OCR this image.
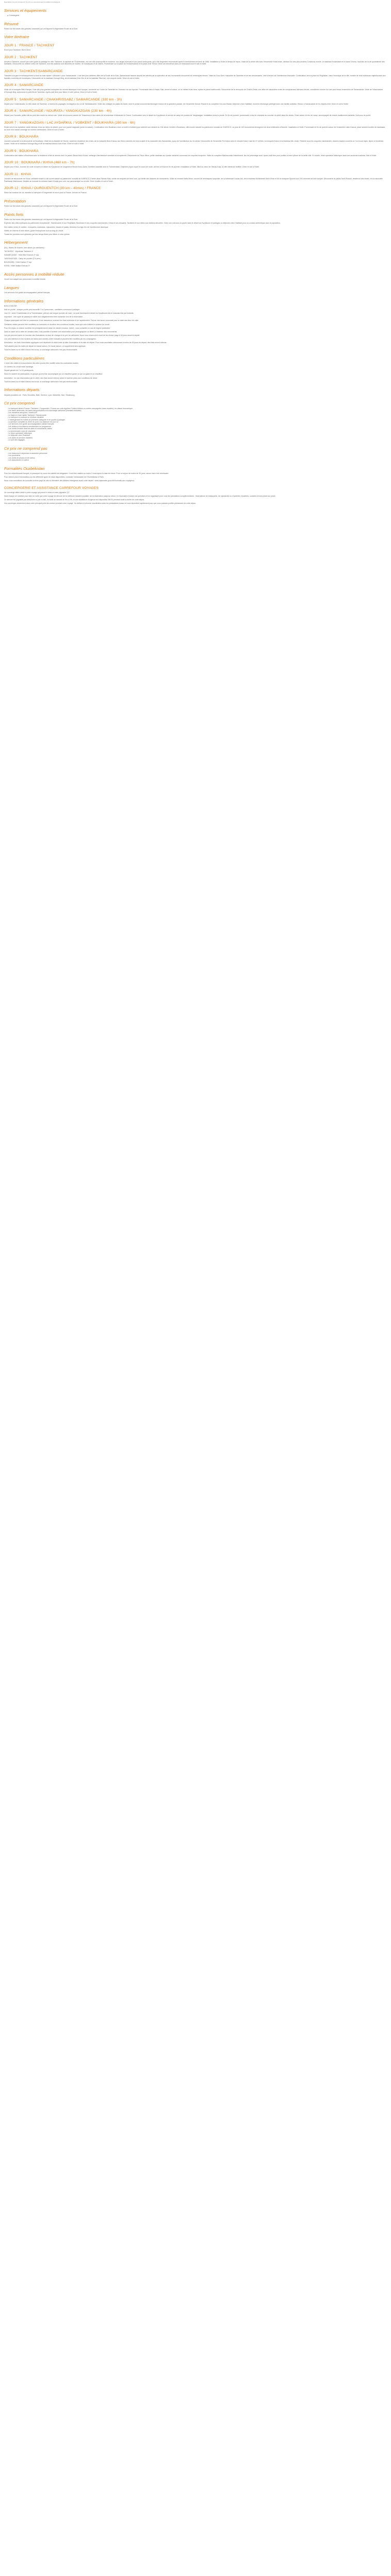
Description Ce prix comprend | Ce prix ne comprend pas Formalités Conciergerie
Services et équipements
Conciergerie
Résumé

Partez sur les traces des grandes caravanes qui ont façonné la légendaire Route de la Soie.

Votre itinéraire
JOUR 1 : FRANCE / TACHKENT

Envol pour Tachkent. Nuit à bord.

JOUR 2 : TACHKENT

Arrivée à Tachkent, accueil par votre guide et passage en ville. Tachkent, la capitale de l'Ouzbékistan, est une ville cosmopolite et moderne, aux larges avenues et aux parcs verdoyants, qui a été largement reconstruite après le tremblement de terre de 1966. Installation à l'hôtel et temps de repos. Visite de la vieille ville avec l'ensemble Khast Imam, abritant l'un des plus anciens Corans au monde, la madrasa Koukeldach et le bazar Chorsu, haut lieu de la vie quotidienne des habitants. Découverte du célèbre métro de Tachkent, dont les stations sont décorées de marbre, de mosaïques et de lustres. Promenade sur la place de l'Indépendance et la place Amir Timour. Dîner de bienvenue dans un restaurant local et nuit à l'hôtel.

JOUR 3 : TACHKENT/SAMARCANDE

Transfert à la gare et embarquement à bord du train rapide « Afrosiab » pour Samarcande. L'une des plus célèbres villes de la Route de la Soie, Samarcande fascine depuis des siècles par la splendeur de ses monuments recouverts de céramiques bleues. Visite du Gour Emir, mausolée de Tamerlan et de ses descendants, chef-d'œuvre de l'architecture timouride. Continuation vers la place du Reghistan, cœur historique de la ville, bordée de trois madrasas majestueuses aux façades couvertes de mosaïques. Découverte de la madrasa Oulough Beg, de la madrasa Cher-Dor et de la madrasa Tilla-Kari, à la coupole dorée. Dîner et nuit à l'hôtel.

JOUR 4 : SAMARCANDE

Visite de la mosquée Bibi-Khanym, l'une des plus grandes mosquées du monde islamique à son époque, construite sur l'ordre de Tamerlan en l'honneur de son épouse. Promenade dans le bazar Siab, animé et coloré, où se mêlent fruits secs, épices et pains traditionnels. Découverte de la nécropole de Chakhi-Zinda, une allée de mausolées ornés de somptueuses faïences bleues, considérée comme l'un des plus beaux ensembles de Samarcande. Visite de l'observatoire d'Oulough Beg, astronome et petit-fils de Tamerlan. Après-midi libre pour flâner à votre rythme. Dîner et nuit à l'hôtel.

JOUR 5 : SAMARCANDE / CHAKHRISSABZ / SAMARCANDE (180 km - 3h)

Départ pour Chakhrissabz, la ville natale de Tamerlan, à travers les paysages montagneux du col de Takhtakaracha. Visite des vestiges du palais Ak-Saraï, dont le portail monumental témoigne encore de la grandeur passée, de l'ensemble Dorout-Tilavat et du complexe Dor-ous-Siadat. Déjeuner chez l'habitant, moment d'échange privilégié avec une famille ouzbèke. Retour à Samarcande en fin d'après-midi. Dîner et nuit à l'hôtel.

JOUR 6 : SAMARCANDE / NOURATA / YANGIKAZGAN (230 km - 4h)

Départ pour Nourata, petite ville au pied des monts du même nom. Visite de la source sacrée de Tchachma et des ruines de la forteresse d'Alexandre le Grand. Continuation vers le désert du Kyzylkoum et arrivée au camp de yourtes de Yangikazgan. Installation sous la yourte. En fin de journée, promenade à dos de chameau au coucher du soleil dans les dunes. Dîner autour du feu de camp, accompagné de chants traditionnels kazakhs. Nuit sous la yourte.

JOUR 7 : YANGIKAZGAN / LAC AYDARKUL / VOBKENT / BOUKHARA (280 km - 6h)

Route vers le lac Aydarkul, vaste étendue d'eau au milieu du désert, pour une pause baignade (selon la saison). Continuation vers Boukhara, avec un arrêt à Vobkent pour admirer son minaret du XIIe siècle. Arrivée à Boukhara, ville-musée classée au patrimoine mondial de l'UNESCO, où plus de 140 monuments témoignent de deux millénaires d'histoire. Installation à l'hôtel. Promenade en fin de journée autour de l'ensemble Liabi-Khaouz, place animée bordée de madrasas, au bord d'un bassin ombragé de mûriers centenaires. Dîner et nuit à l'hôtel.

JOUR 8 : BOUKHARA

Journée consacrée à la découverte de Boukhara. Visite de la citadelle de l'Arche, ancienne résidence des émirs, de la mosquée Bolo-Khaouz aux fines colonnes de bois sculpté et du mausolée des Samanides, joyau de l'architecture du Xe siècle. Découverte de l'ensemble Poï-Kalon avec le minaret Kalon, haut de 47 mètres, la mosquée Kalon et la madrasa Mir-i-Arab. Flânerie sous les coupoles marchandes, anciens bazars couverts où l'on trouve tapis, bijoux et broderies suzani. Visite de la madrasa Oulough Beg et de la madrasa Abdoul Aziz Khan. Dîner et nuit à l'hôtel.

JOUR 9 : BOUKHARA

Continuation des visites à Boukhara avec la résidence d'été du dernier émir, le palais Sitorai Mohi-Khosa, mélange d'architecture orientale et européenne. Découverte du Tchor-Minor, petite madrasa aux quatre minarets couronnés de coupoles turquoise. Visite du complexe Bakhaouddin Nakchbandi, lieu de pèlerinage soufi. Après-midi libre pour profiter à votre rythme de la vieille ville. En soirée, dîner-spectacle folklorique dans une ancienne madrasa. Nuit à l'hôtel.

JOUR 10 : BOUKHARA / KHIVA (460 km - 7h)

Départ pour Khiva. Journée de route à travers le désert du Kyzylkoum en longeant le fleuve Amou-Daria, frontière naturelle avec le Turkménistan. Déjeuner pique-nique en cours de route. Arrivée à Khiva en fin de journée. Installation à l'hôtel, situé au cœur de l'Itchan-Kala, la ville intérieure fortifiée. Dîner et nuit à l'hôtel.

JOUR 11 : KHIVA

Journée de découverte de Khiva, véritable musée à ciel ouvert classé au patrimoine mondial de l'UNESCO. Entrée dans l'Itchan-Kala, ceinte de remparts de terre crue, qui abrite des dizaines de monuments. Visite du minaret Kalta-Minor, couvert de céramiques turquoise, de la forteresse Kounia-Ark, de la madrasa Mohammed Amin Khan et de la mosquée Djouma aux 218 colonnes de bois sculpté. Découverte du palais Tach-Khaouli, résidence des khans, et du mausolée Pakhlavan Makhmoud. Montée au sommet du minaret Islam Khodja pour une vue panoramique sur la ville. Dîner d'adieu et nuit à l'hôtel.

JOUR 12 : KHIVA / OURGUENTCH (30 km - 40min) / FRANCE

Selon les horaires de vol, transfert à l'aéroport d'Ourguentch et envol pour la France. Arrivée en France.

Présentation

Partez sur les traces des grandes caravanes qui ont façonné la légendaire Route de la Soie.

Points forts

Partez sur les traces des grandes caravanes qui ont façonné la légendaire Route de la Soie.

Explorez des cités mythiques au patrimoine exceptionnel : Samarcande et son Reghistan, Boukhara et ses coupoles marchandes, Khiva et ses remparts, Tachkent et son métro aux stations décorées. Vivez une nuit sous la yourte dans le désert du Kyzylkoum et partagez un déjeuner chez l'habitant pour un contact authentique avec la population.

Des visites riches et variées : mosquées, madrasas, mausolées, bazars et palais, témoins d'un âge d'or de l'architecture islamique.

Hôtels de charme et bien situés, guide francophone tout au long du circuit.

Toutes les journées sont rythmées par des temps libres pour flâner à votre rythme.

Hébergement

(NL), Hôtels de charme, bien situés (ou similaires) :

TACHKENT : Wyndham Tachkent 4*

SAMARCANDE : Hôtel Bibi Khanum 3* sup

YANGIKAZGAN : Camp de yourtes (2-4 pers.)

BOUKHARA : Hôtel Kavsar 3* sup

KHIVA : Hôtel Malika Kheivak 3*

Accès personnes à mobilité réduite

Circuit non adapté aux personnes à mobilité réduite.

Langues

Les services d'un guide accompagnateur parlant français.

Informations générales

BON À SAVOIR

Nuit en yourte : chaque yourte peut accueillir 2 à 4 personnes ; sanitaires communs à partager.

Jour 10 : entre l'Ouzbékistan et la Turkménistan, prévoir une longue journée de route ; la route traversant le désert du Kyzylkoum est en mauvais état par endroits.

Important : une copie de passeport valide doit obligatoirement être transmise lors de la réservation.

Chaque participant doit être en possession d'une assurance couvrant les frais médicaux et de rapatriement. Prévoir une tenue couvrante pour la visite des lieux de culte.

Certaines visites peuvent être modifiées ou inversées en fonction des conditions locales, sans que cela n'altère le contenu du circuit.

Pour les repas, la cuisine ouzbèke est principalement à base de viande (mouton, bœuf) ; nous consulter en cas de régime particulier.

Dans la cadre de la visite de certains sites, il est possible d'acheter une autorisation pour photographier ou filmer à l'intérieur des monuments.

Les prix peuvent varier en fonction des fluctuations du taux de change et du prix du carburant. Nous nous réservons le droit de les réviser jusqu'à 30 jours avant le départ.

Les vols intérieurs et les horaires de trains sont donnés à titre indicatif et peuvent être modifiés par les compagnies.

Annulation : les frais d'annulation appliqués vont dépendre du délai entre la date d'annulation et la date de départ. Pour toute annulation intervenant à moins de 30 jours du départ, des frais seront retenus.

Tarif valable pour les dates de départ en basse saison. En haute saison, un supplément sera appliqué.

Tous les taxes sur le billet d'avion est inclus, la surcharge carburant n'est pas remboursable.

Conditions particulières

L'ordre des visites et la succession des sites pourra être modifié selon les contraintes locales.

Le contenu du circuit reste inchangé.

Départ garanti de 2 à 16 participants.

Selon le nombre de participants, le groupe pourra être accompagné par un chauffeur-guide ou par un guide et un chauffeur.

Annulation : en cas d'annulation par le client, des frais seront retenus selon le barème prévu aux conditions de vente.

Tous les taxes sur le billet d'avion est inclus, la surcharge carburant n'est pas remboursable.

Informations départs

Départs possibles de : Paris, Bruxelles, Bâle, Genève, Lyon, Marseille, Nice, Strasbourg.

Ce prix comprend
- Le transport aérien France / Tachkent / Ourguentch / France sur vols réguliers Turkish Airlines ou autres compagnies (avec escales), en classe économique
- Les taxes aériennes, les taxes aéroportuaires et la surcharge carburant (montant révisable)
- Les transferts aéroports / hôtels A/R
- Le trajet en train rapide Tachkent / Samarcande
- Le transport en autocar ou minibus climatisé
- L'hébergement en hôtels de première catégorie et en yourte à partager
- La pension complète du dîner du jour 2 au déjeuner du jour 12
- Les services d'un guide accompagnateur parlant français
- Les visites et excursions mentionnées au programme
- Les droits d'entrée dans les sites et monuments visités
- La promenade à dos de chameau
- Le dîner-spectacle folklorique
- Le déjeuner chez l'habitant
- Les taxes et services hôteliers
- Le port des bagages
Ce prix ne comprend pas
- Les boissons et dépenses à caractère personnel
- Les pourboires
- Les droits de photos et de vidéos
- Les assurances en option
Formalités Ouzbékistan

Pour les ressortissants français, le passeport en cours de validité est obligatoire. Il doit être valable au moins 3 mois après la date de retour. Pour un séjour de moins de 30 jours, aucun visa n'est nécessaire.

Pour obtenir plus d'informations sur les différents types de visas disponibles, contacter l'ambassade de l'Ouzbékistan à Paris.

Nous vous conseillons de consulter la fiche pays du site du Ministère des Affaires étrangères avant votre départ : www.diplomatie.gouv.fr/fr/conseils-aux-voyageurs

CONCIERGERIE ET ASSISTANCE CARREFOUR VOYAGES

Un concierge attitré dédié à votre voyage qui prend le relais et reste joignable 7j/7.

Notre équipe se mobilise pour faire en sorte que votre voyage se déroule de la meilleure manière possible, de la réservation jusqu'au retour, en répondant à toutes vos questions et en organisant pour vous les prestations complémentaires : réservations de restaurants, de spectacles ou d'activités, transferts, conseils et bons plans sur place.

Ce service est joignable par téléphone ou par e-mail, du lundi au samedi de 9h à 19h, et une assistance d'urgence est disponible 24h/24 pendant toute la durée de votre séjour.

Vos concierges deviennent alors votre principal point de contact pendant votre voyage ; ils veillent à la bonne coordination avec les prestataires locaux et vous répondent rapidement pour que vous puissiez profiter pleinement de votre séjour.
